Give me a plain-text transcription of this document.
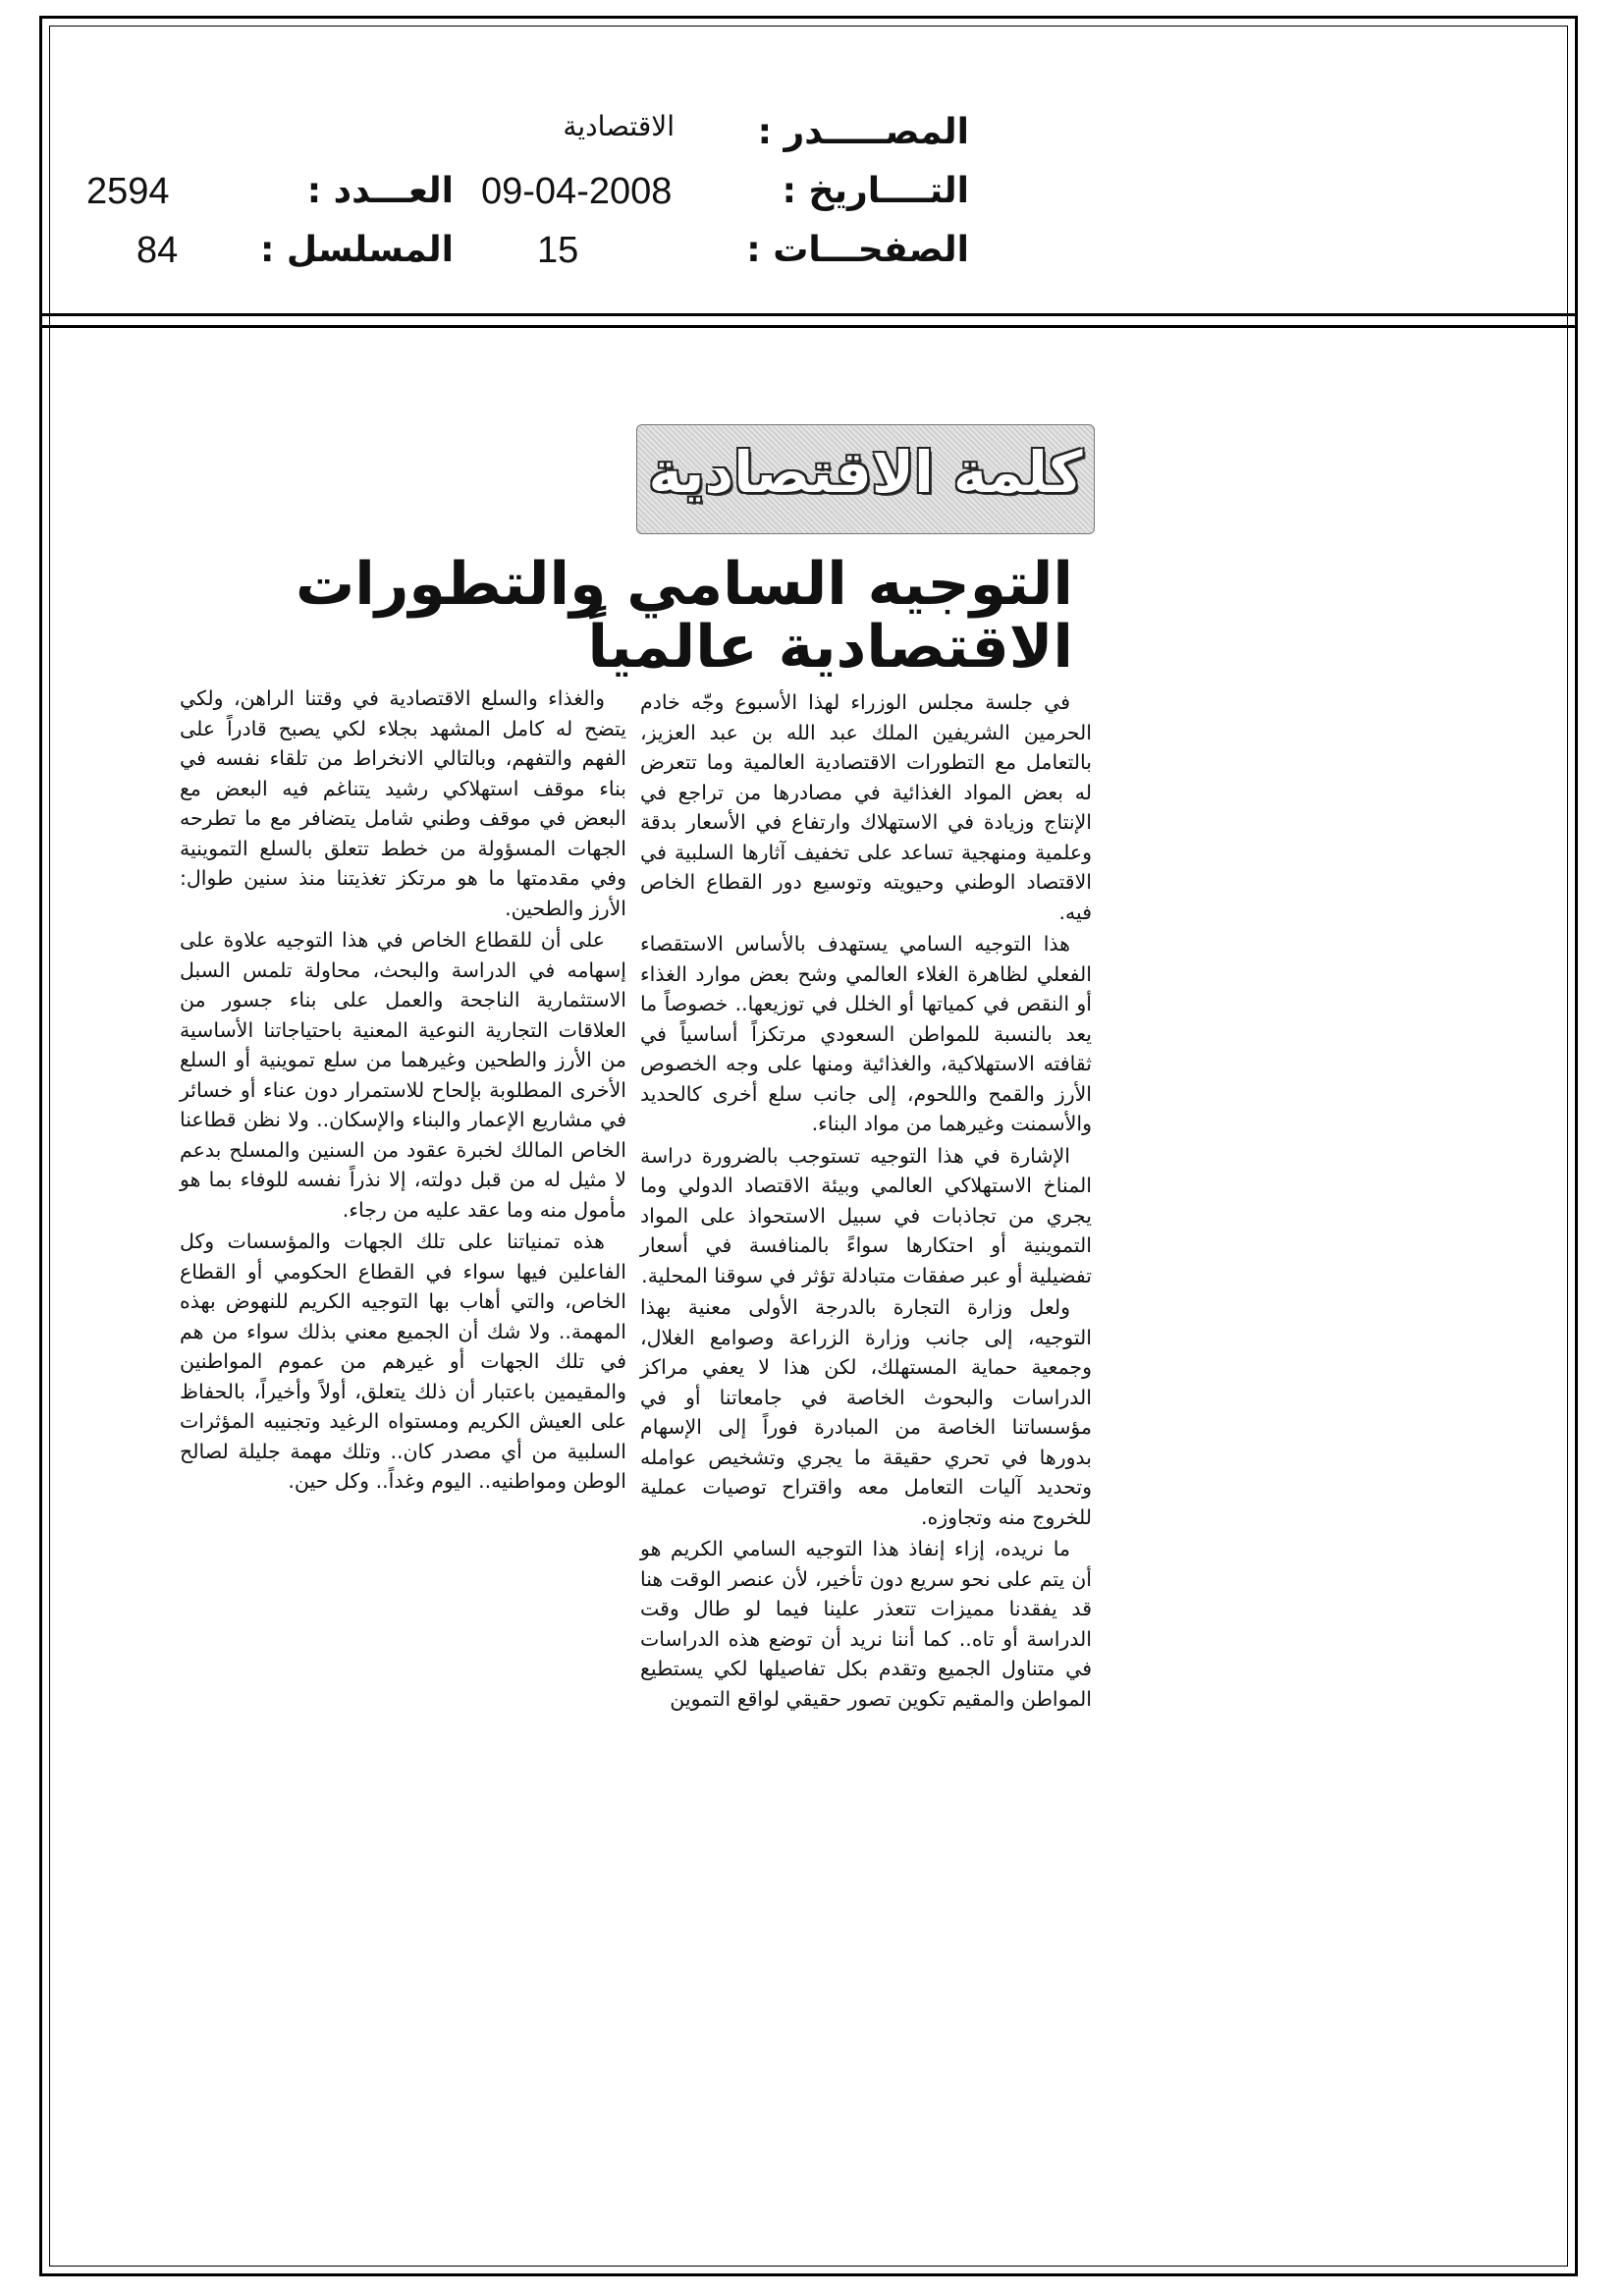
المصـــــدر :
الاقتصادية
التــــاريخ :
09-04-2008
العـــدد :
2594
الصفحـــات :
15
المسلسل :
84
كلمة الاقتصادية
التوجيه السامي والتطورات
الاقتصادية عالمياً

في جلسة مجلس الوزراء لهذا الأسبوع وجّه خادم الحرمين الشريفين الملك عبد الله بن عبد العزيز، بالتعامل مع التطورات الاقتصادية العالمية وما تتعرض له بعض المواد الغذائية في مصادرها من تراجع في الإنتاج وزيادة في الاستهلاك وارتفاع في الأسعار بدقة وعلمية ومنهجية تساعد على تخفيف آثارها السلبية في الاقتصاد الوطني وحيويته وتوسيع دور القطاع الخاص فيه.

هذا التوجيه السامي يستهدف بالأساس الاستقصاء الفعلي لظاهرة الغلاء العالمي وشح بعض موارد الغذاء أو النقص في كمياتها أو الخلل في توزيعها.. خصوصاً ما يعد بالنسبة للمواطن السعودي مرتكزاً أساسياً في ثقافته الاستهلاكية، والغذائية ومنها على وجه الخصوص الأرز والقمح واللحوم، إلى جانب سلع أخرى كالحديد والأسمنت وغيرهما من مواد البناء.

الإشارة في هذا التوجيه تستوجب بالضرورة دراسة المناخ الاستهلاكي العالمي وبيئة الاقتصاد الدولي وما يجري من تجاذبات في سبيل الاستحواذ على المواد التموينية أو احتكارها سواءً بالمنافسة في أسعار تفضيلية أو عبر صفقات متبادلة تؤثر في سوقنا المحلية.

ولعل وزارة التجارة بالدرجة الأولى معنية بهذا التوجيه، إلى جانب وزارة الزراعة وصوامع الغلال، وجمعية حماية المستهلك، لكن هذا لا يعفي مراكز الدراسات والبحوث الخاصة في جامعاتنا أو في مؤسساتنا الخاصة من المبادرة فوراً إلى الإسهام بدورها في تحري حقيقة ما يجري وتشخيص عوامله وتحديد آليات التعامل معه واقتراح توصيات عملية للخروج منه وتجاوزه.

ما نريده، إزاء إنفاذ هذا التوجيه السامي الكريم هو أن يتم على نحو سريع دون تأخير، لأن عنصر الوقت هنا قد يفقدنا مميزات تتعذر علينا فيما لو طال وقت الدراسة أو تاه.. كما أننا نريد أن توضع هذه الدراسات في متناول الجميع وتقدم بكل تفاصيلها لكي يستطيع المواطن والمقيم تكوين تصور حقيقي لواقع التموين

والغذاء والسلع الاقتصادية في وقتنا الراهن، ولكي يتضح له كامل المشهد بجلاء لكي يصبح قادراً على الفهم والتفهم، وبالتالي الانخراط من تلقاء نفسه في بناء موقف استهلاكي رشيد يتناغم فيه البعض مع البعض في موقف وطني شامل يتضافر مع ما تطرحه الجهات المسؤولة من خطط تتعلق بالسلع التموينية وفي مقدمتها ما هو مرتكز تغذيتنا منذ سنين طوال: الأرز والطحين.

على أن للقطاع الخاص في هذا التوجيه علاوة على إسهامه في الدراسة والبحث، محاولة تلمس السبل الاستثمارية الناجحة والعمل على بناء جسور من العلاقات التجارية النوعية المعنية باحتياجاتنا الأساسية من الأرز والطحين وغيرهما من سلع تموينية أو السلع الأخرى المطلوبة بإلحاح للاستمرار دون عناء أو خسائر في مشاريع الإعمار والبناء والإسكان.. ولا نظن قطاعنا الخاص المالك لخبرة عقود من السنين والمسلح بدعم لا مثيل له من قبل دولته، إلا نذراً نفسه للوفاء بما هو مأمول منه وما عقد عليه من رجاء.

هذه تمنياتنا على تلك الجهات والمؤسسات وكل الفاعلين فيها سواء في القطاع الحكومي أو القطاع الخاص، والتي أهاب بها التوجيه الكريم للنهوض بهذه المهمة.. ولا شك أن الجميع معني بذلك سواء من هم في تلك الجهات أو غيرهم من عموم المواطنين والمقيمين باعتبار أن ذلك يتعلق، أولاً وأخيراً، بالحفاظ على العيش الكريم ومستواه الرغيد وتجنيبه المؤثرات السلبية من أي مصدر كان.. وتلك مهمة جليلة لصالح الوطن ومواطنيه.. اليوم وغداً.. وكل حين.
